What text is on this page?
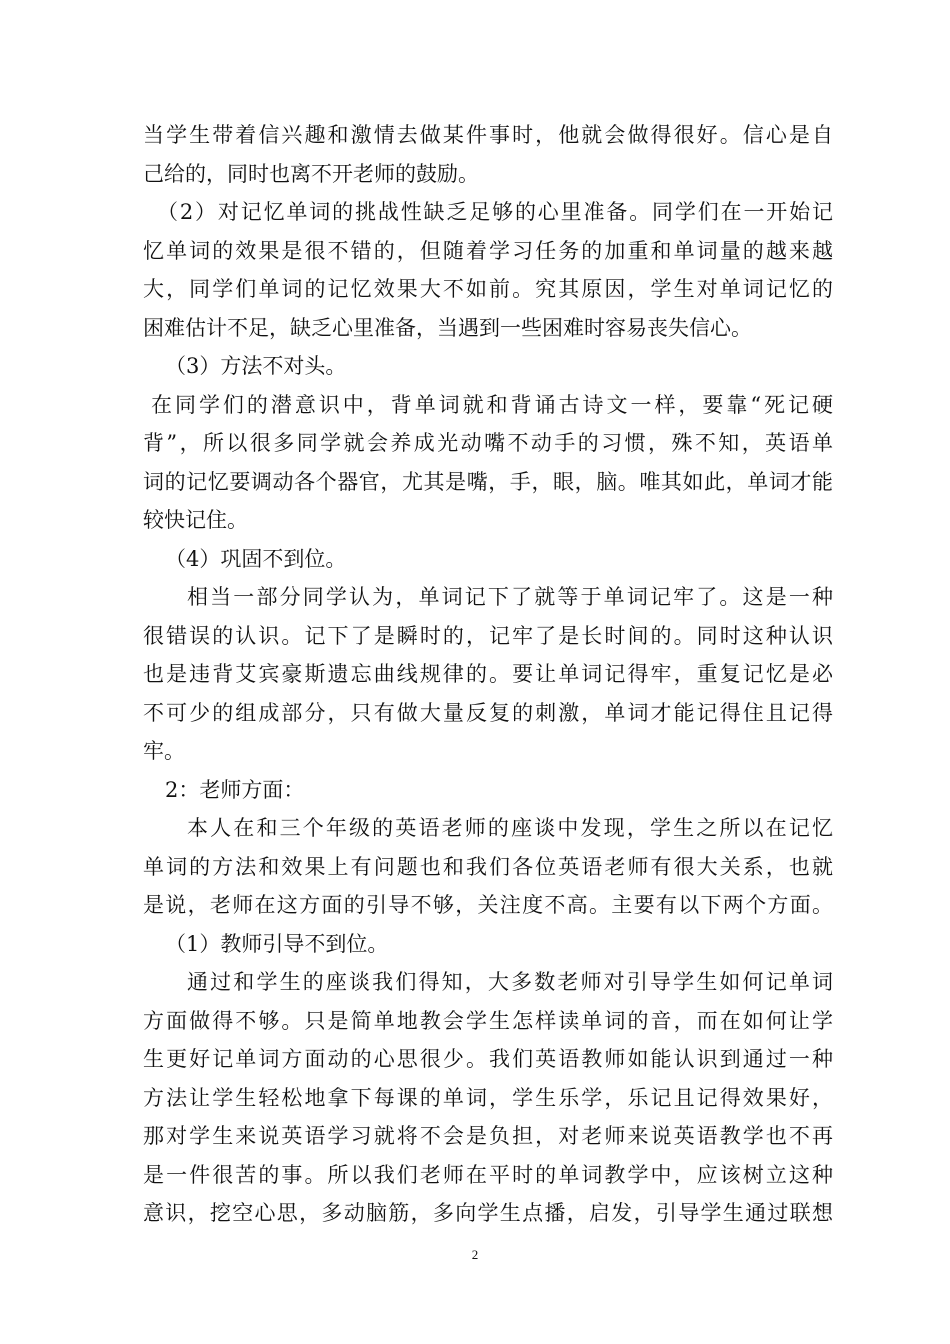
当学生带着信兴趣和激情去做某件事时，他就会做得很好。信心是自
己给的，同时也离不开老师的鼓励。
（2）对记忆单词的挑战性缺乏足够的心里准备。同学们在一开始记
忆单词的效果是很不错的，但随着学习任务的加重和单词量的越来越
大，同学们单词的记忆效果大不如前。究其原因，学生对单词记忆的
困难估计不足，缺乏心里准备，当遇到一些困难时容易丧失信心。
（3）方法不对头。
在同学们的潜意识中，背单词就和背诵古诗文一样，要靠“死记硬
背”，所以很多同学就会养成光动嘴不动手的习惯，殊不知，英语单
词的记忆要调动各个器官，尤其是嘴，手，眼，脑。唯其如此，单词才能
较快记住。
（4）巩固不到位。
相当一部分同学认为，单词记下了就等于单词记牢了。这是一种
很错误的认识。记下了是瞬时的，记牢了是长时间的。同时这种认识
也是违背艾宾豪斯遗忘曲线规律的。要让单词记得牢，重复记忆是必
不可少的组成部分，只有做大量反复的刺激，单词才能记得住且记得
牢。
2：老师方面：
本人在和三个年级的英语老师的座谈中发现，学生之所以在记忆
单词的方法和效果上有问题也和我们各位英语老师有很大关系，也就
是说，老师在这方面的引导不够，关注度不高。主要有以下两个方面。
（1）教师引导不到位。
通过和学生的座谈我们得知，大多数老师对引导学生如何记单词
方面做得不够。只是简单地教会学生怎样读单词的音，而在如何让学
生更好记单词方面动的心思很少。我们英语教师如能认识到通过一种
方法让学生轻松地拿下每课的单词，学生乐学，乐记且记得效果好，
那对学生来说英语学习就将不会是负担，对老师来说英语教学也不再
是一件很苦的事。所以我们老师在平时的单词教学中，应该树立这种
意识，挖空心思，多动脑筋，多向学生点播，启发，引导学生通过联想
2
